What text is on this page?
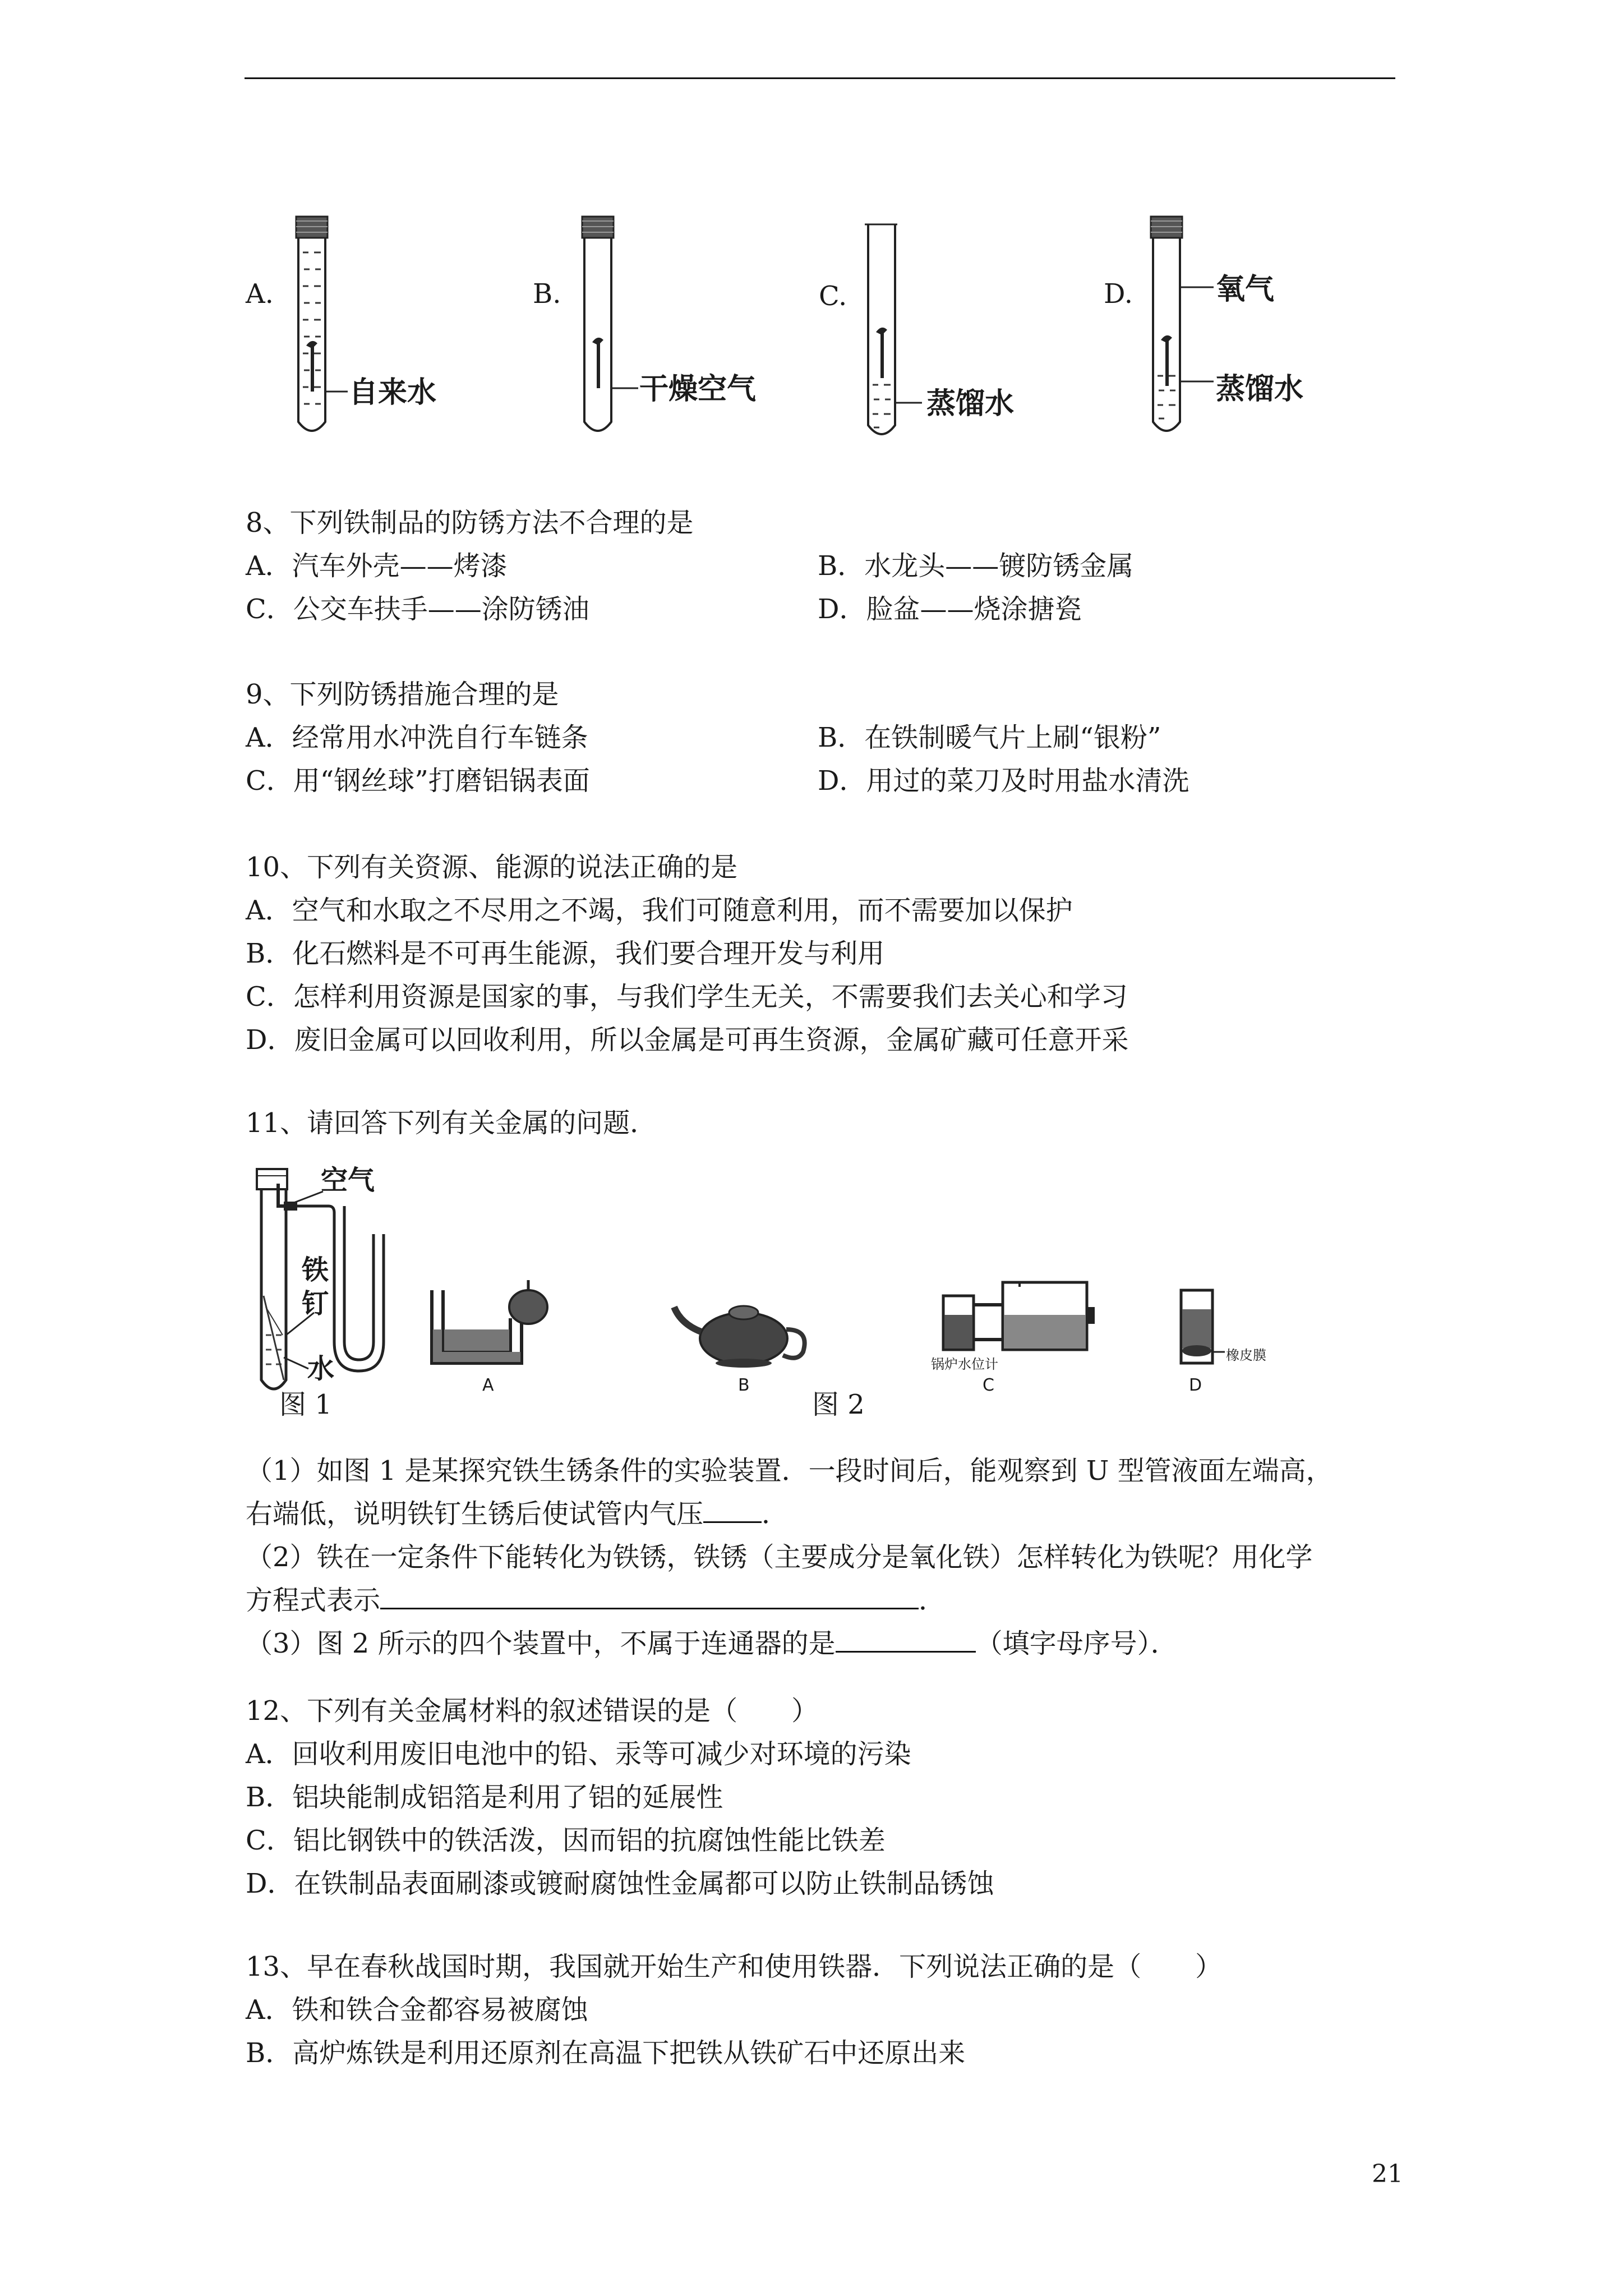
A.	B.	C.	D.
自来水	干燥空气	蒸馏水
氧气
蒸馏水
8、下列铁制品的防锈方法不合理的是
A．汽车外壳——烤漆	B．水龙头——镀防锈金属
C．公交车扶手——涂防锈油	D．脸盆——烧涂搪瓷
9、下列防锈措施合理的是
A．经常用水冲洗自行车链条	B．在铁制暖气片上刷“银粉”
C．用“钢丝球”打磨铝锅表面	D．用过的菜刀及时用盐水清洗
10、下列有关资源、能源的说法正确的是
A．空气和水取之不尽用之不竭，我们可随意利用，而不需要加以保护
B．化石燃料是不可再生能源，我们要合理开发与利用
C．怎样利用资源是国家的事，与我们学生无关，不需要我们去关心和学习
D．废旧金属可以回收利用，所以金属是可再生资源，金属矿藏可任意开采
11、请回答下列有关金属的问题．
空气
铁
钉
水
图 1
A	B
图 2
锅炉水位计
C
橡皮膜
D
（1）如图 1 是某探究铁生锈条件的实验装置．一段时间后，能观察到 U 型管液面左端高，
右端低，说明铁钉生锈后使试管内气压 ．
（2）铁在一定条件下能转化为铁锈，铁锈（主要成分是氧化铁）怎样转化为铁呢？用化学
方程式表示	．
（3）图 2 所示的四个装置中，不属于连通器的是	（填字母序号）．
12、下列有关金属材料的叙述错误的是（　　）
A．回收利用废旧电池中的铅、汞等可减少对环境的污染
B．铝块能制成铝箔是利用了铝的延展性
C．铝比钢铁中的铁活泼，因而铝的抗腐蚀性能比铁差
D．在铁制品表面刷漆或镀耐腐蚀性金属都可以防止铁制品锈蚀
13、早在春秋战国时期，我国就开始生产和使用铁器．下列说法正确的是（　　）
A．铁和铁合金都容易被腐蚀
B．高炉炼铁是利用还原剂在高温下把铁从铁矿石中还原出来
21
